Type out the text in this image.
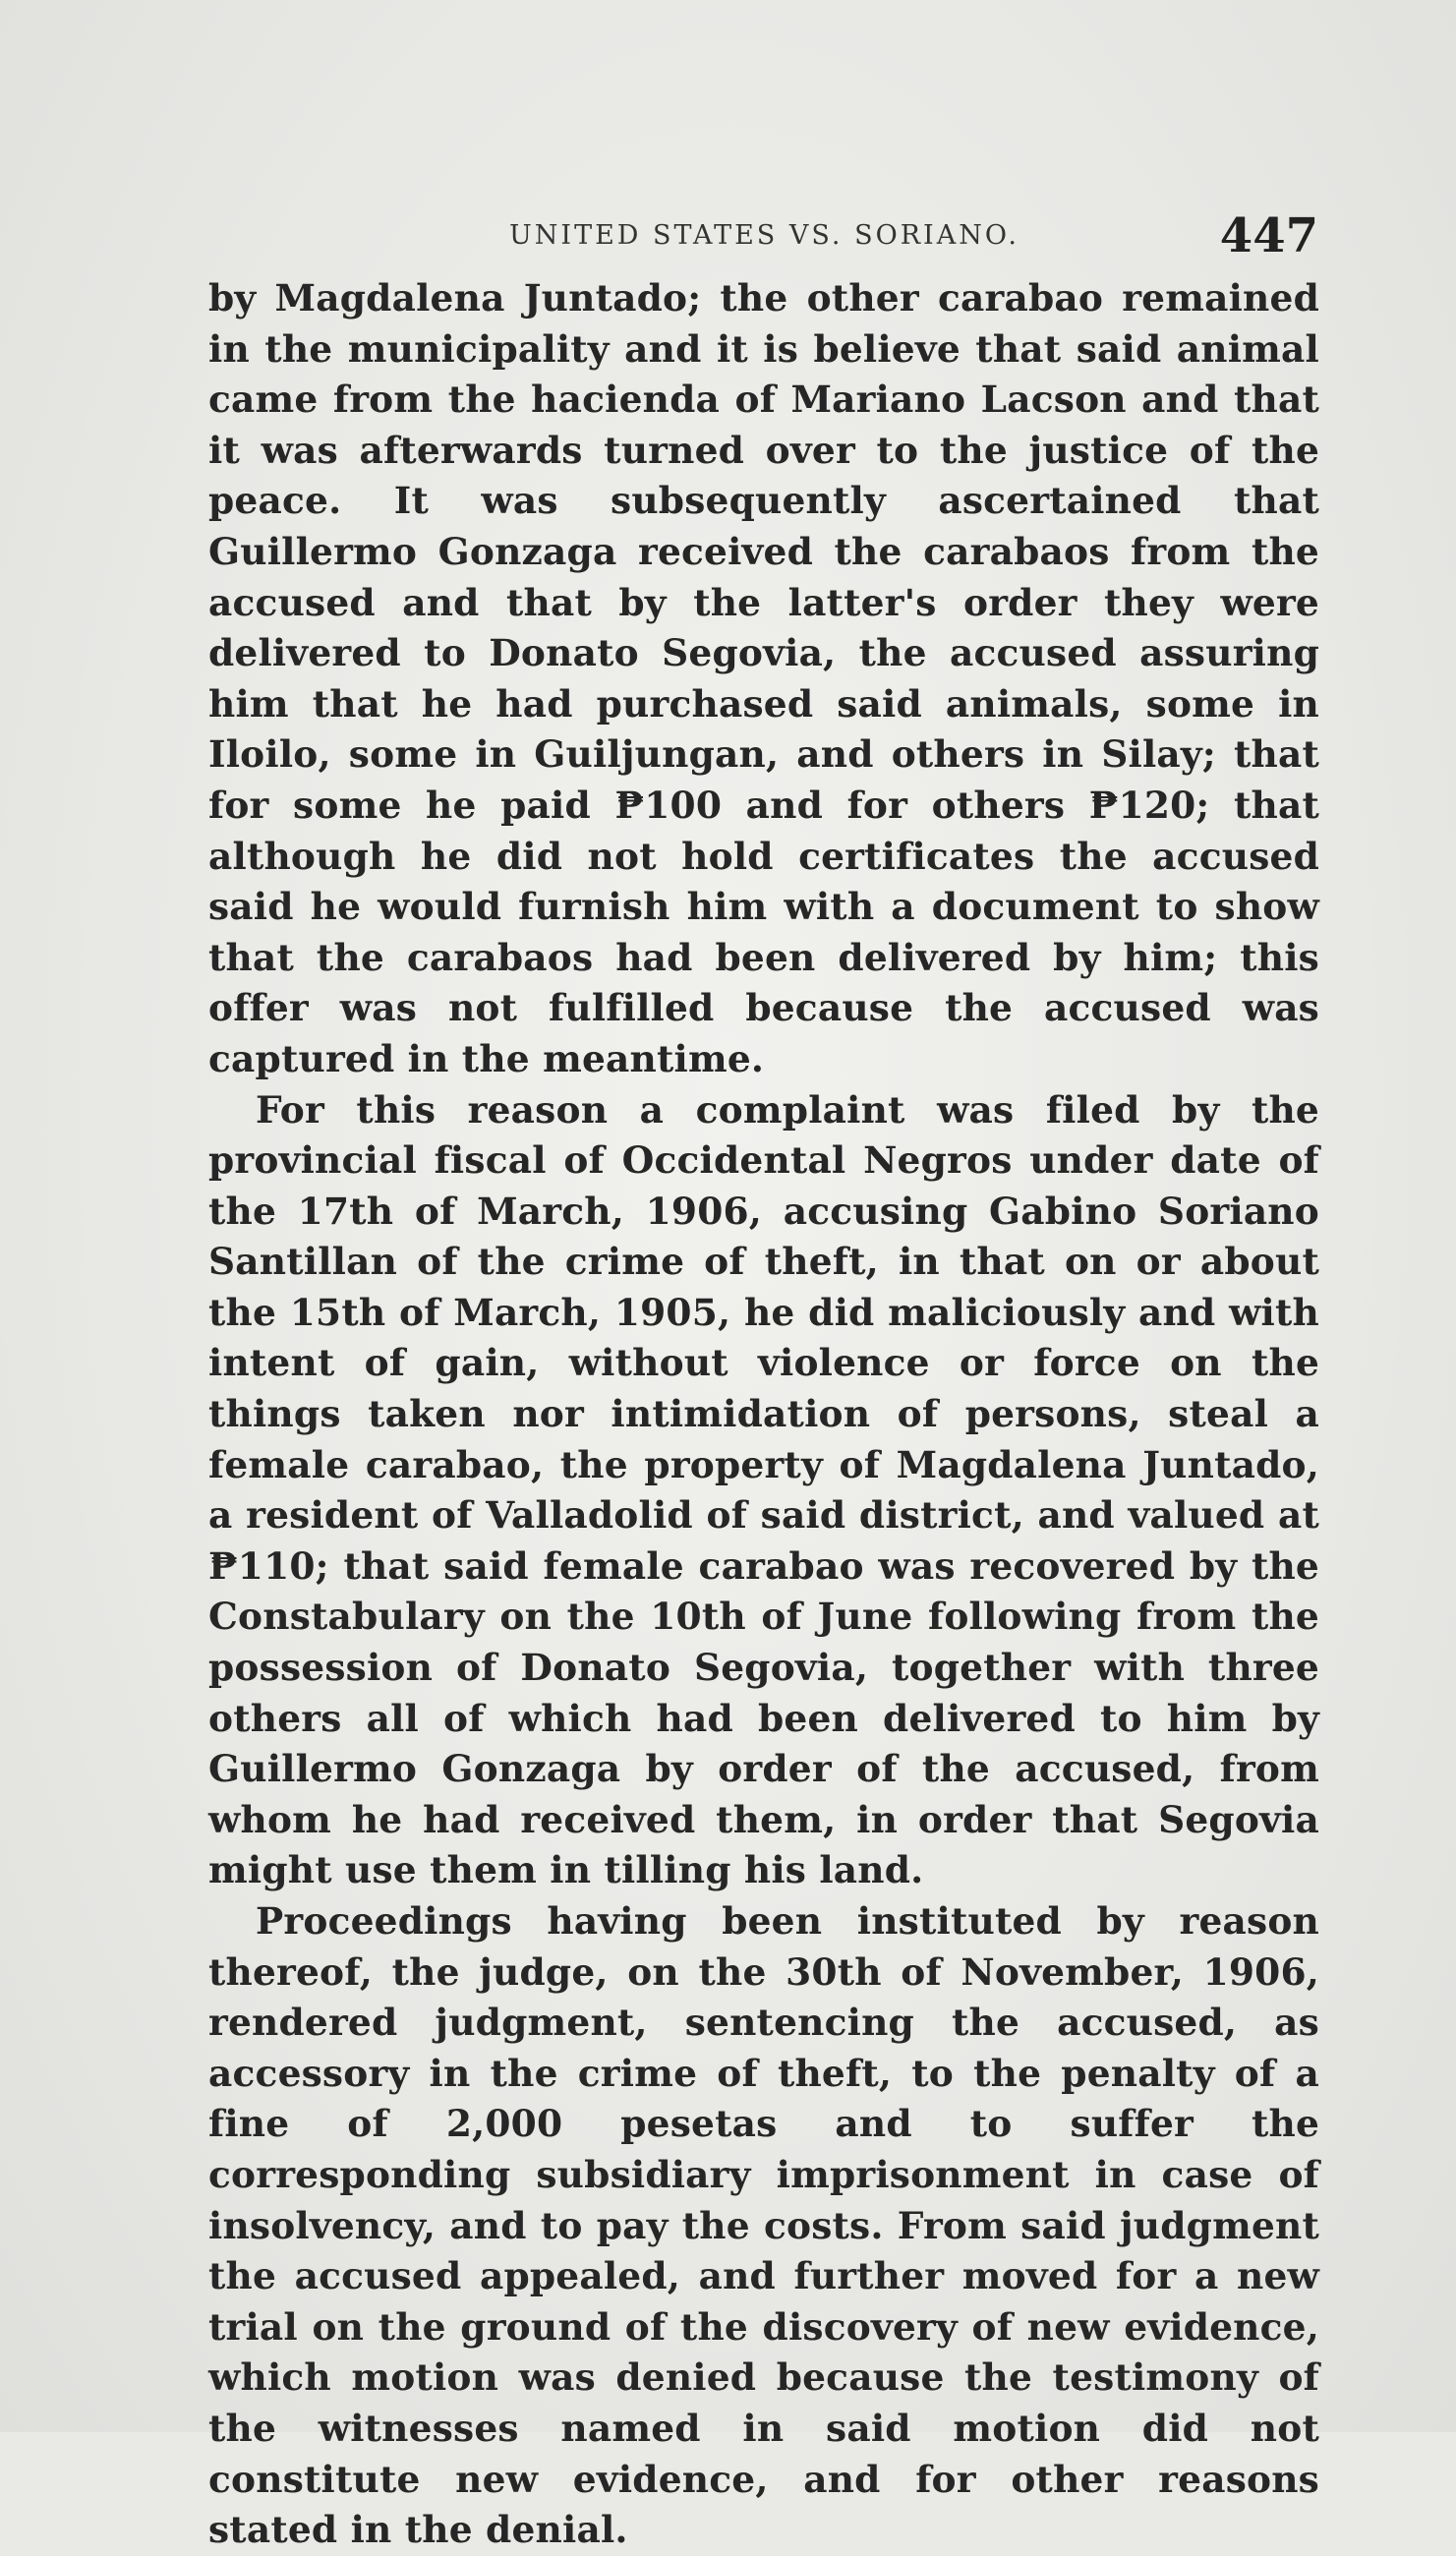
UNITED STATES VS. SORIANO.	447

by Magdalena Juntado; the other carabao remained in the municipality and it is believe that said animal came from the hacienda of Mariano Lacson and that it was afterwards turned over to the justice of the peace. It was subsequently ascertained that Guillermo Gonzaga received the carabaos from the accused and that by the latter's order they were delivered to Donato Segovia, the accused assuring him that he had purchased said animals, some in Iloilo, some in Guiljungan, and others in Silay; that for some he paid ₱100 and for others ₱120; that although he did not hold certificates the accused said he would furnish him with a document to show that the carabaos had been delivered by him; this offer was not fulfilled because the accused was captured in the meantime.

For this reason a complaint was filed by the provincial fiscal of Occidental Negros under date of the 17th of March, 1906, accusing Gabino Soriano Santillan of the crime of theft, in that on or about the 15th of March, 1905, he did maliciously and with intent of gain, without violence or force on the things taken nor intimidation of persons, steal a female carabao, the property of Magdalena Juntado, a resident of Valladolid of said district, and valued at ₱110; that said female carabao was recovered by the Constabulary on the 10th of June following from the possession of Donato Segovia, together with three others all of which had been delivered to him by Guillermo Gonzaga by order of the accused, from whom he had received them, in order that Segovia might use them in tilling his land.

Proceedings having been instituted by reason thereof, the judge, on the 30th of November, 1906, rendered judgment, sentencing the accused, as accessory in the crime of theft, to the penalty of a fine of 2,000 pesetas and to suffer the corresponding subsidiary imprisonment in case of insolvency, and to pay the costs. From said judgment the accused appealed, and further moved for a new trial on the ground of the discovery of new evidence, which motion was denied because the testimony of the witnesses named in said motion did not constitute new evidence, and for other reasons stated in the denial.
